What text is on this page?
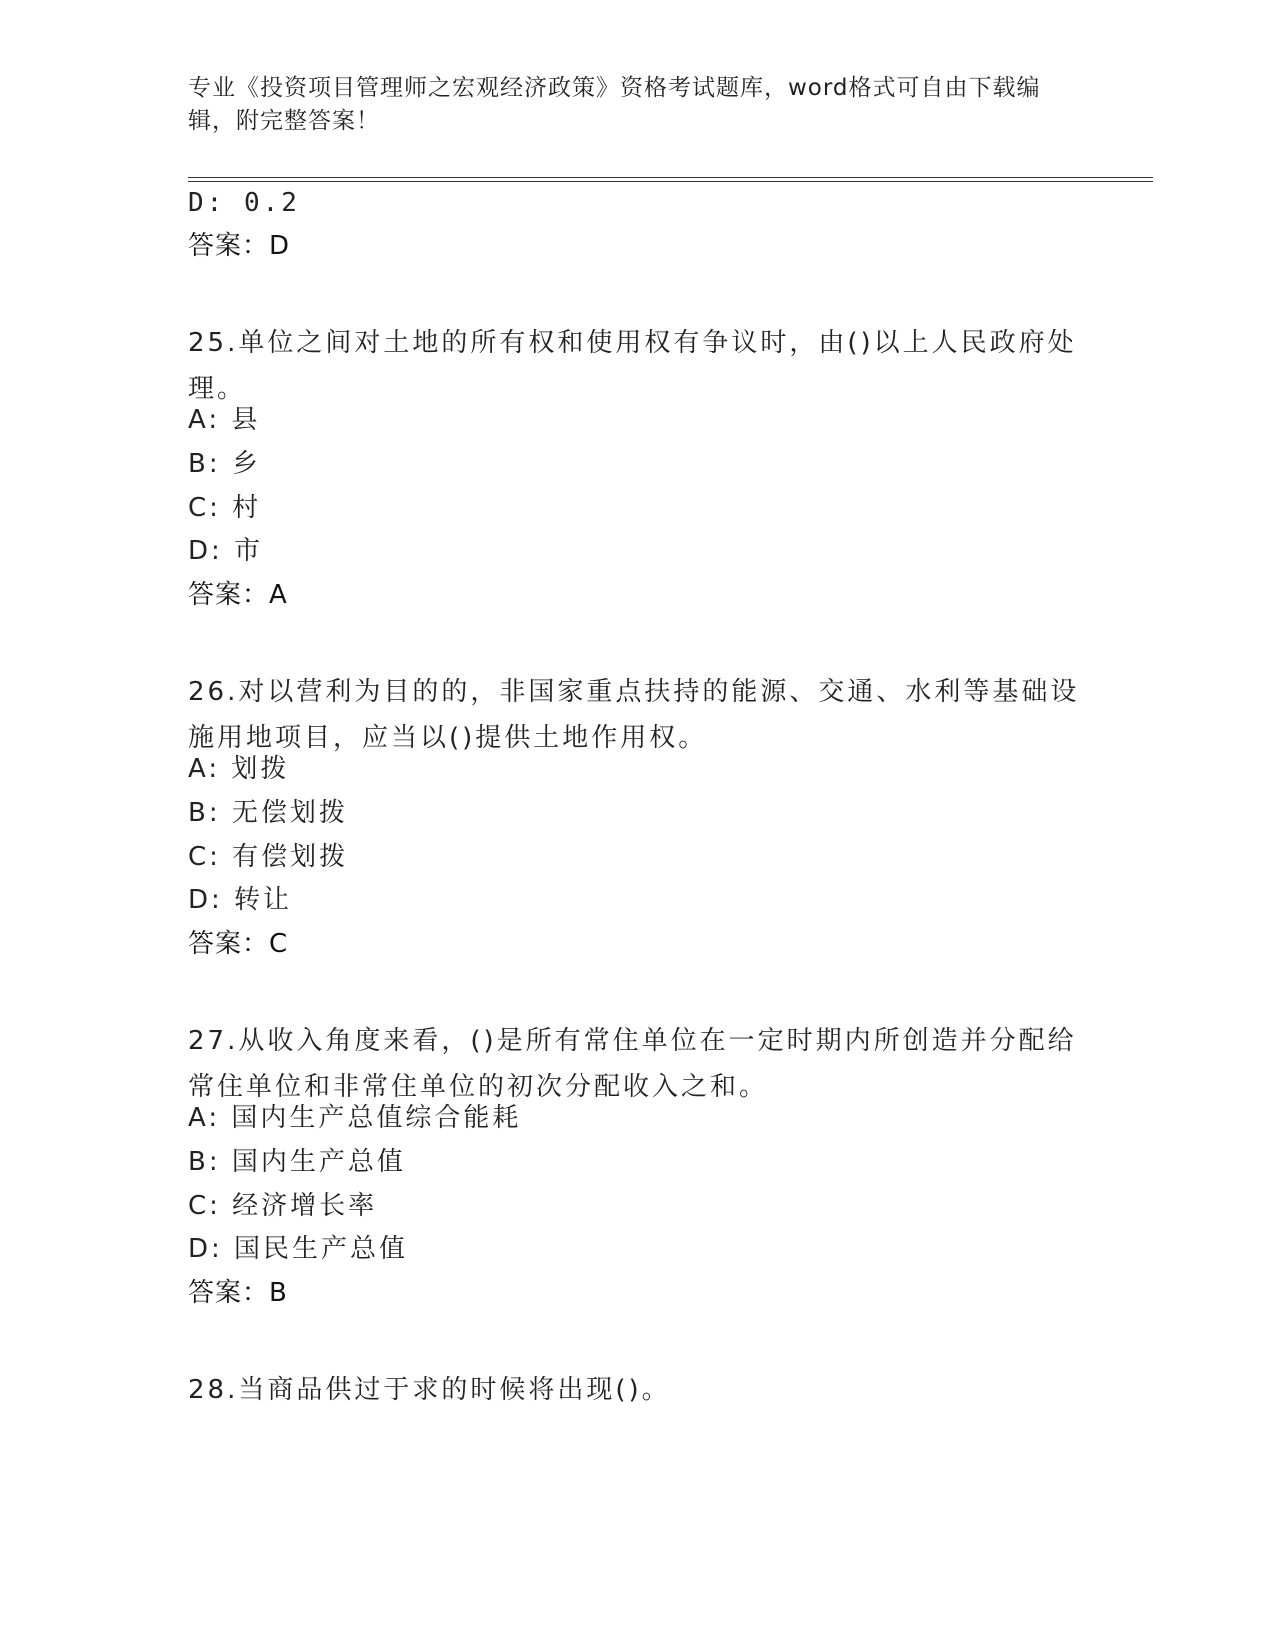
专业《投资项目管理师之宏观经济政策》资格考试题库，word格式可自由下载编辑，附完整答案！
D: 0.2
答案：D
25.单位之间对土地的所有权和使用权有争议时，由()以上人民政府处理。
A: 县
B: 乡
C: 村
D: 市
答案：A
26.对以营利为目的的，非国家重点扶持的能源、交通、水利等基础设施用地项目，应当以()提供土地作用权。
A: 划拨
B: 无偿划拨
C: 有偿划拨
D: 转让
答案：C
27.从收入角度来看，()是所有常住单位在一定时期内所创造并分配给常住单位和非常住单位的初次分配收入之和。
A: 国内生产总值综合能耗
B: 国内生产总值
C: 经济增长率
D: 国民生产总值
答案：B
28.当商品供过于求的时候将出现()。
